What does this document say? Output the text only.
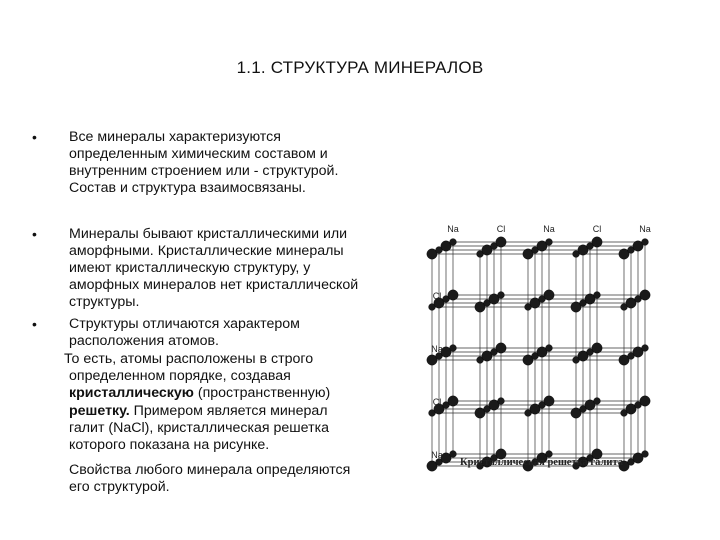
1.1. СТРУКТУРА МИНЕРАЛОВ
• Все минералы характеризуются
определенным химическим составом и
внутренним строением или - структурой.
Состав и структура взаимосвязаны.
• Минералы бывают кристаллическими или
аморфными. Кристаллические минералы
имеют кристаллическую структуру, у
аморфных минералов нет кристаллической
структуры.
• Структуры отличаются характером
расположения атомов.
То есть, атомы расположены в строго
определенном порядке, создавая
кристаллическую (пространственную)
решетку. Примером является минерал
галит (NaCl), кристаллическая решетка
которого показана на рисунке.
Свойства любого минерала определяются
его структурой.
Na	Cl	Na	Cl	Na
Cl
Na
Cl
Na
Кристаллическая решетка галита
